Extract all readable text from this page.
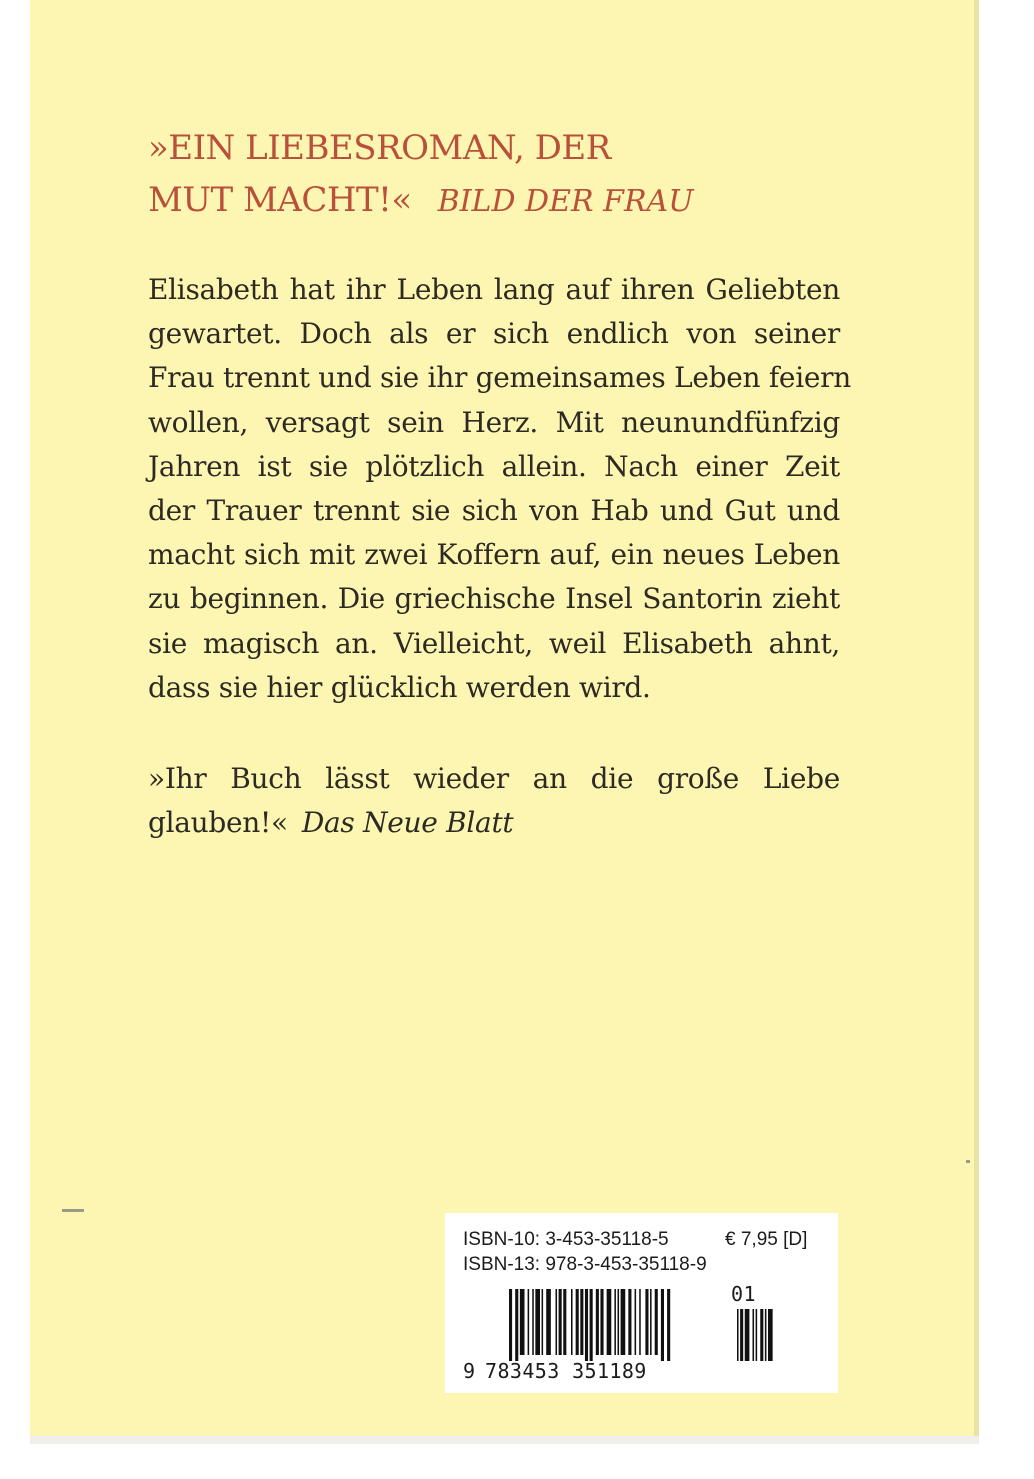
»EIN LIEBESROMAN, DER
MUT MACHT!« BILD DER FRAU
Elisabeth hat ihr Leben lang auf ihren Geliebten
gewartet. Doch als er sich endlich von seiner
Frau trennt und sie ihr gemeinsames Leben feiern
wollen, versagt sein Herz. Mit neunundfünfzig
Jahren ist sie plötzlich allein. Nach einer Zeit
der Trauer trennt sie sich von Hab und Gut und
macht sich mit zwei Koffern auf, ein neues Leben
zu beginnen. Die griechische Insel Santorin zieht
sie magisch an. Vielleicht, weil Elisabeth ahnt,
dass sie hier glücklich werden wird.
»Ihr Buch lässt wieder an die große Liebe
glauben!« Das Neue Blatt
ISBN-10: 3-453-35118-5	€ 7,95 [D]
ISBN-13: 978-3-453-35118-9
9 783453 351189
01
